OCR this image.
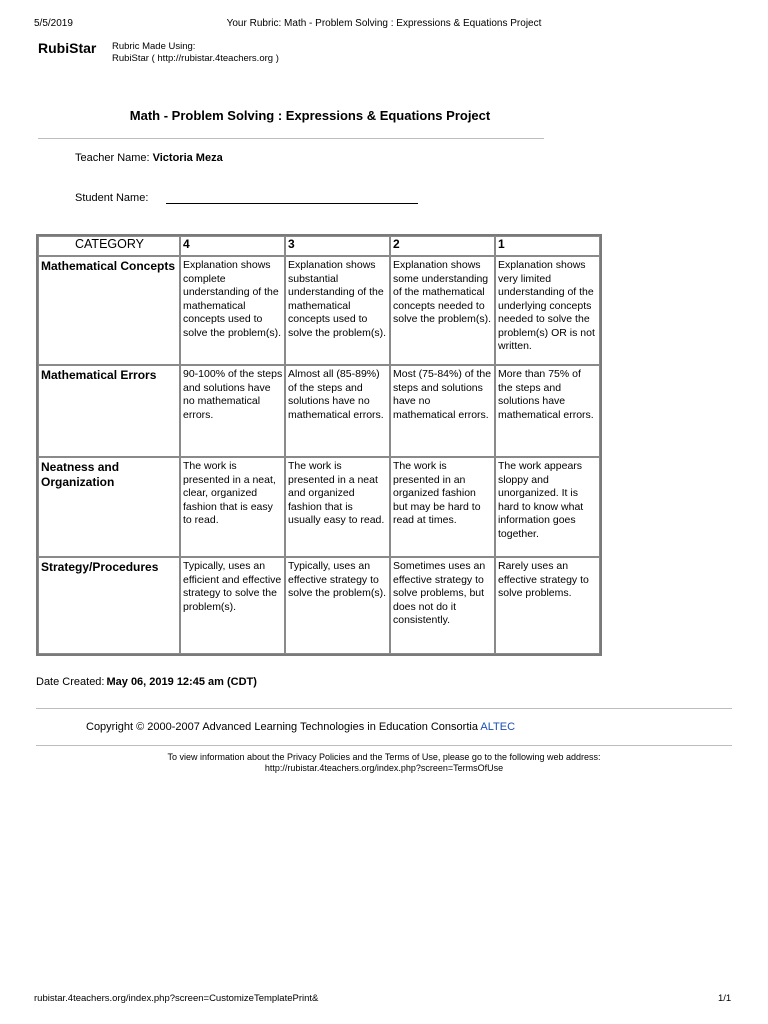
5/5/2019	Your Rubric: Math - Problem Solving : Expressions & Equations Project
RubiStar Rubric Made Using:
RubiStar ( http://rubistar.4teachers.org )
Math - Problem Solving : Expressions & Equations Project
Teacher Name: Victoria Meza
Student Name:
CATEGORY	4	3	2	1
Mathematical Concepts	Explanation shows complete understanding of the mathematical concepts used to solve the problem(s).	Explanation shows substantial understanding of the mathematical concepts used to solve the problem(s).	Explanation shows some understanding of the mathematical concepts needed to solve the problem(s).	Explanation shows very limited understanding of the underlying concepts needed to solve the problem(s) OR is not written.
Mathematical Errors	90-100% of the steps and solutions have no mathematical errors.	Almost all (85-89%) of the steps and solutions have no mathematical errors.	Most (75-84%) of the steps and solutions have no mathematical errors.	More than 75% of the steps and solutions have mathematical errors.
Neatness and Organization	The work is presented in a neat, clear, organized fashion that is easy to read.	The work is presented in a neat and organized fashion that is usually easy to read.	The work is presented in an organized fashion but may be hard to read at times.	The work appears sloppy and unorganized. It is hard to know what information goes together.
Strategy/Procedures	Typically, uses an efficient and effective strategy to solve the problem(s).	Typically, uses an effective strategy to solve the problem(s).	Sometimes uses an effective strategy to solve problems, but does not do it consistently.	Rarely uses an effective strategy to solve problems.
Date Created: May 06, 2019 12:45 am (CDT)
Copyright © 2000-2007 Advanced Learning Technologies in Education Consortia ALTEC
To view information about the Privacy Policies and the Terms of Use, please go to the following web address:
http://rubistar.4teachers.org/index.php?screen=TermsOfUse
rubistar.4teachers.org/index.php?screen=CustomizeTemplatePrint&	1/1
